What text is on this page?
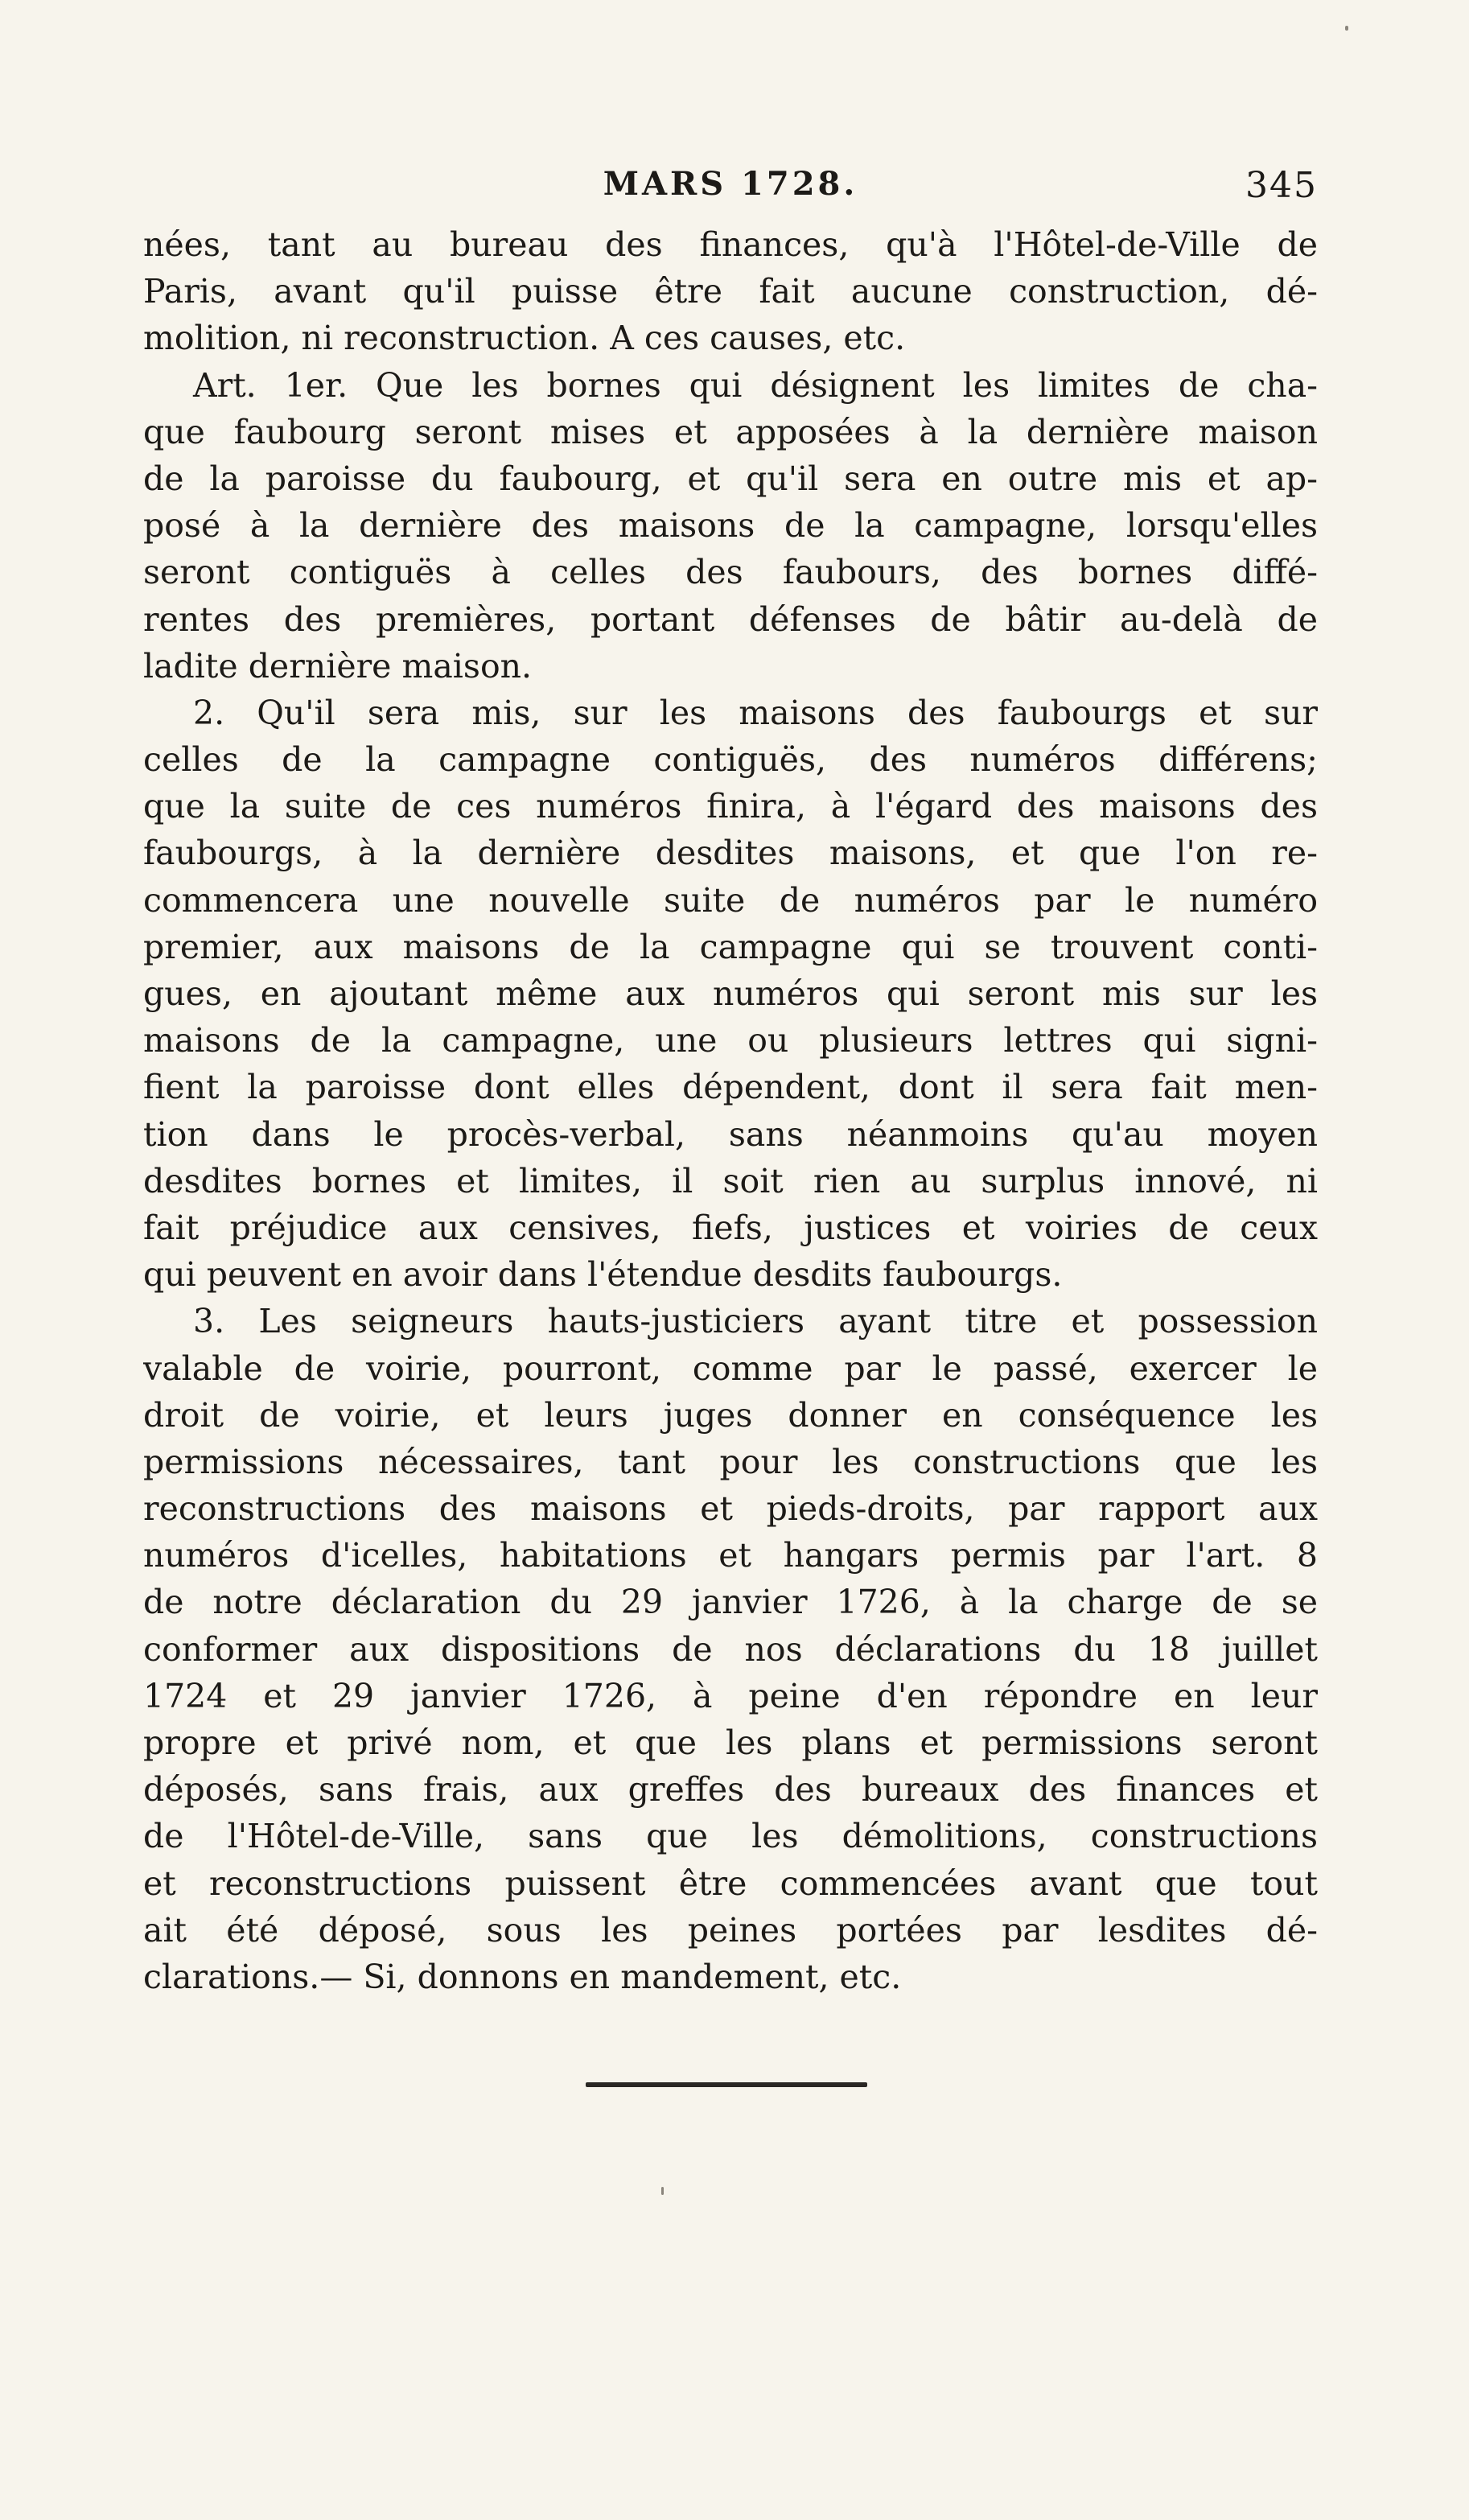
MARS 1728.	345
nées, tant au bureau des finances, qu'à l'Hôtel-de-Ville de
Paris, avant qu'il puisse être fait aucune construction, dé-
molition, ni reconstruction. A ces causes, etc.
Art. 1er. Que les bornes qui désignent les limites de cha-
que faubourg seront mises et apposées à la dernière maison
de la paroisse du faubourg, et qu'il sera en outre mis et ap-
posé à la dernière des maisons de la campagne, lorsqu'elles
seront contiguës à celles des faubours, des bornes diffé-
rentes des premières, portant défenses de bâtir au-delà de
ladite dernière maison.
2. Qu'il sera mis, sur les maisons des faubourgs et sur
celles de la campagne contiguës, des numéros différens;
que la suite de ces numéros finira, à l'égard des maisons des
faubourgs, à la dernière desdites maisons, et que l'on re-
commencera une nouvelle suite de numéros par le numéro
premier, aux maisons de la campagne qui se trouvent conti-
gues, en ajoutant même aux numéros qui seront mis sur les
maisons de la campagne, une ou plusieurs lettres qui signi-
fient la paroisse dont elles dépendent, dont il sera fait men-
tion dans le procès-verbal, sans néanmoins qu'au moyen
desdites bornes et limites, il soit rien au surplus innové, ni
fait préjudice aux censives, fiefs, justices et voiries de ceux
qui peuvent en avoir dans l'étendue desdits faubourgs.
3. Les seigneurs hauts-justiciers ayant titre et possession
valable de voirie, pourront, comme par le passé, exercer le
droit de voirie, et leurs juges donner en conséquence les
permissions nécessaires, tant pour les constructions que les
reconstructions des maisons et pieds-droits, par rapport aux
numéros d'icelles, habitations et hangars permis par l'art. 8
de notre déclaration du 29 janvier 1726, à la charge de se
conformer aux dispositions de nos déclarations du 18 juillet
1724 et 29 janvier 1726, à peine d'en répondre en leur
propre et privé nom, et que les plans et permissions seront
déposés, sans frais, aux greffes des bureaux des finances et
de l'Hôtel-de-Ville, sans que les démolitions, constructions
et reconstructions puissent être commencées avant que tout
ait été déposé, sous les peines portées par lesdites dé-
clarations.— Si, donnons en mandement, etc.
